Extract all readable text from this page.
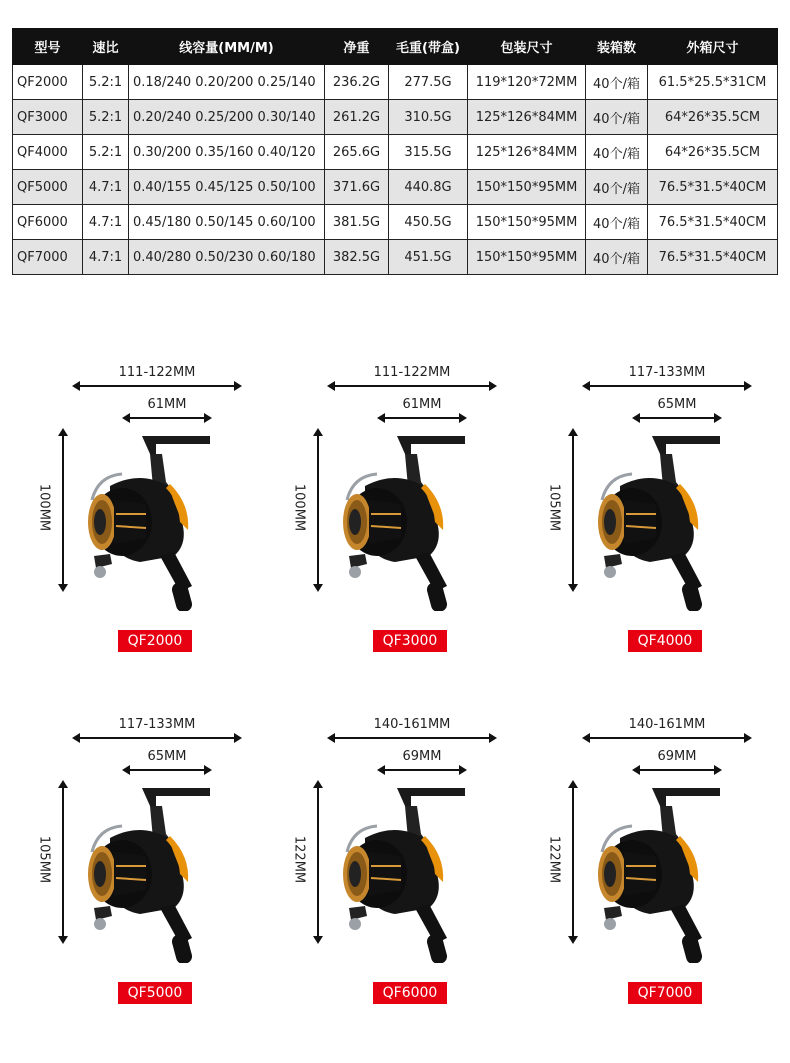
型号	速比	线容量(MM/M)	净重	毛重(带盒)	包装尺寸	装箱数	外箱尺寸
QF2000	5.2:1	0.18/240 0.20/200 0.25/140	236.2G	277.5G	119*120*72MM	40个/箱	61.5*25.5*31CM
QF3000	5.2:1	0.20/240 0.25/200 0.30/140	261.2G	310.5G	125*126*84MM	40个/箱	64*26*35.5CM
QF4000	5.2:1	0.30/200 0.35/160 0.40/120	265.6G	315.5G	125*126*84MM	40个/箱	64*26*35.5CM
QF5000	4.7:1	0.40/155 0.45/125 0.50/100	371.6G	440.8G	150*150*95MM	40个/箱	76.5*31.5*40CM
QF6000	4.7:1	0.45/180 0.50/145 0.60/100	381.5G	450.5G	150*150*95MM	40个/箱	76.5*31.5*40CM
QF7000	4.7:1	0.40/280 0.50/230 0.60/180	382.5G	451.5G	150*150*95MM	40个/箱	76.5*31.5*40CM
111-122MM
61MM
100MM
QF2000
111-122MM
61MM
100MM
QF3000
117-133MM
65MM
105MM
QF4000
117-133MM
65MM
105MM
QF5000
140-161MM
69MM
122MM
QF6000
140-161MM
69MM
122MM
QF7000
